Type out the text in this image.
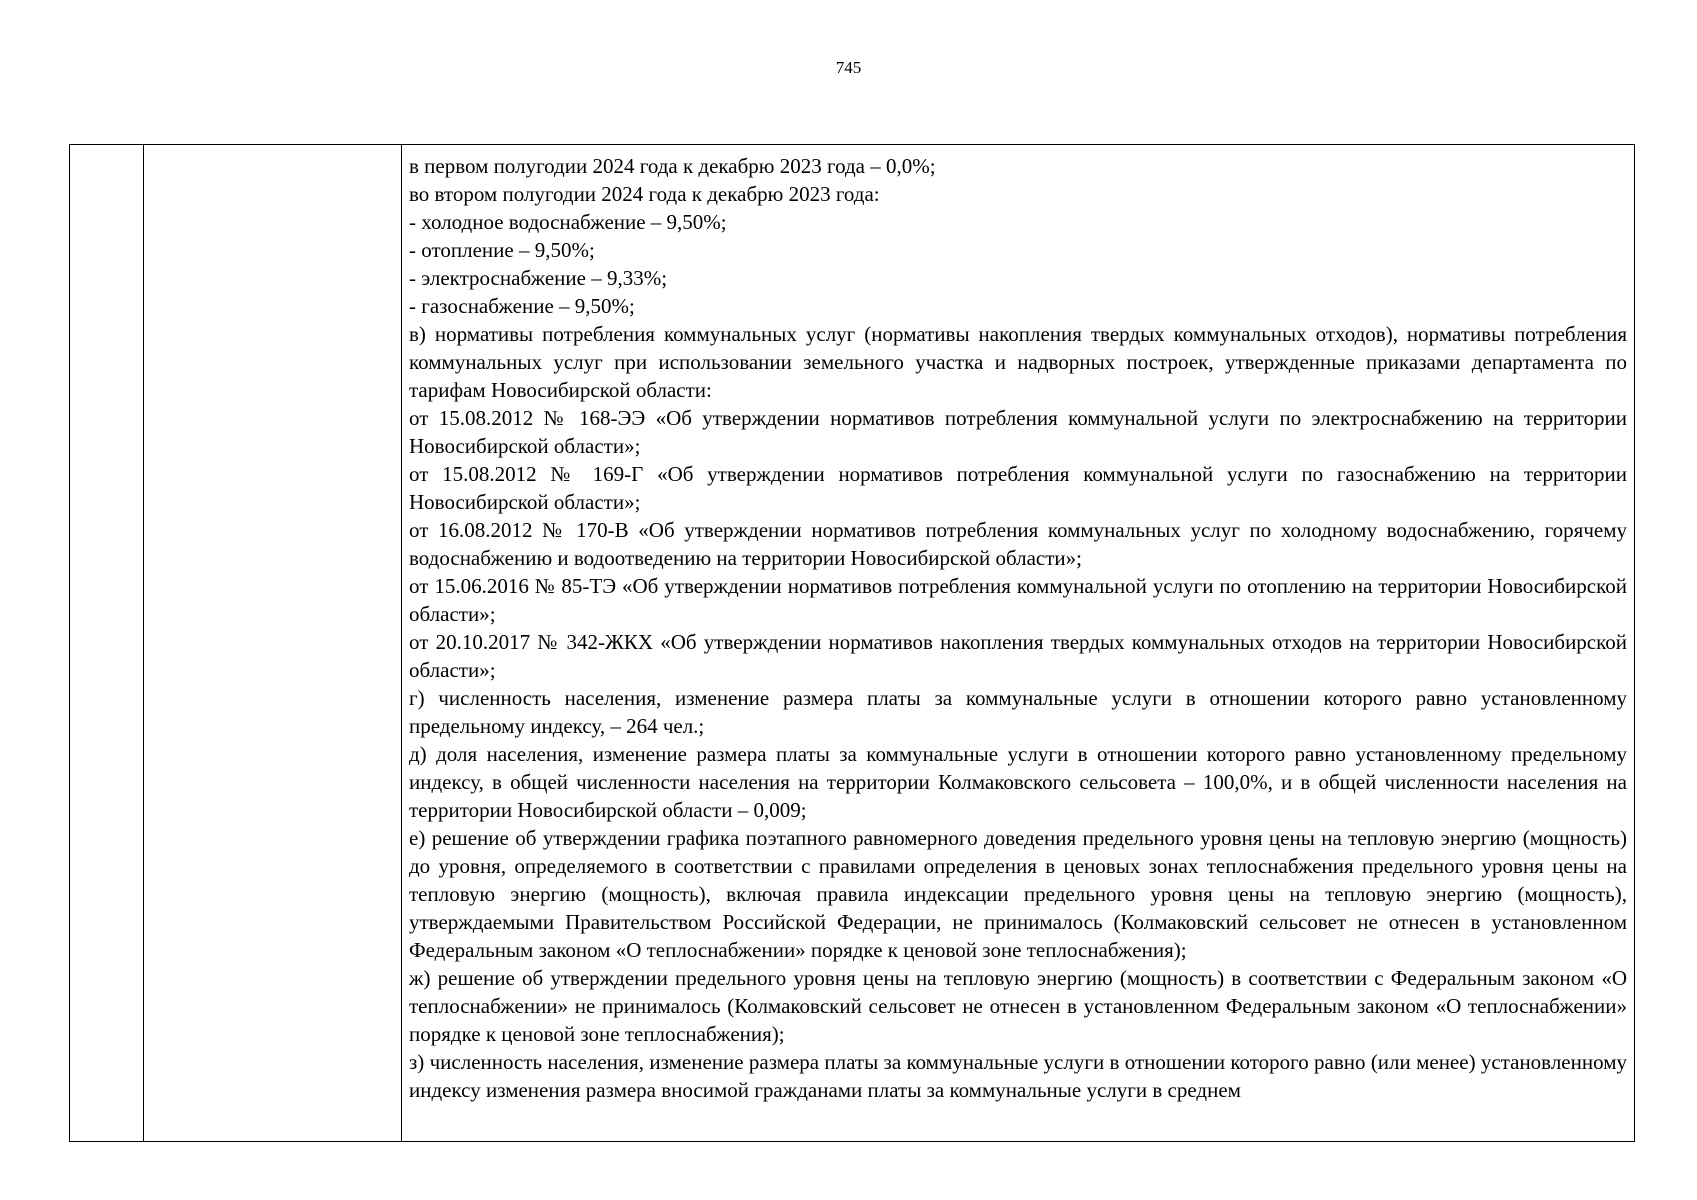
745

в первом полугодии 2024 года к декабрю 2023 года – 0,0%;

во втором полугодии 2024 года к декабрю 2023 года:

- холодное водоснабжение – 9,50%;

- отопление – 9,50%;

- электроснабжение – 9,33%;

- газоснабжение – 9,50%;

в) нормативы потребления коммунальных услуг (нормативы накопления твердых коммунальных отходов), нормативы потребления коммунальных услуг при использовании земельного участка и надворных построек, утвержденные приказами департамента по тарифам Новосибирской области:

от 15.08.2012 № 168-ЭЭ «Об утверждении нормативов потребления коммунальной услуги по электроснабжению на территории Новосибирской области»;

от 15.08.2012 № 169-Г «Об утверждении нормативов потребления коммунальной услуги по газоснабжению на территории Новосибирской области»;

от 16.08.2012 № 170-В «Об утверждении нормативов потребления коммунальных услуг по холодному водоснабжению, горячему водоснабжению и водоотведению на территории Новосибирской области»;

от 15.06.2016 № 85-ТЭ «Об утверждении нормативов потребления коммунальной услуги по отоплению на территории Новосибирской области»;

от 20.10.2017 № 342-ЖКХ «Об утверждении нормативов накопления твердых коммунальных отходов на территории Новосибирской области»;

г) численность населения, изменение размера платы за коммунальные услуги в отношении которого равно установленному предельному индексу, – 264 чел.;

д) доля населения, изменение размера платы за коммунальные услуги в отношении которого равно установленному предельному индексу, в общей численности населения на территории Колмаковского сельсовета – 100,0%, и в общей численности населения на территории Новосибирской области – 0,009;

е) решение об утверждении графика поэтапного равномерного доведения предельного уровня цены на тепловую энергию (мощность) до уровня, определяемого в соответствии с правилами определения в ценовых зонах теплоснабжения предельного уровня цены на тепловую энергию (мощность), включая правила индексации предельного уровня цены на тепловую энергию (мощность), утверждаемыми Правительством Российской Федерации, не принималось (Колмаковский сельсовет не отнесен в установленном Федеральным законом «О теплоснабжении» порядке к ценовой зоне теплоснабжения);

ж) решение об утверждении предельного уровня цены на тепловую энергию (мощность) в соответствии с Федеральным законом «О теплоснабжении» не принималось (Колмаковский сельсовет не отнесен в установленном Федеральным законом «О теплоснабжении» порядке к ценовой зоне теплоснабжения);

з) численность населения, изменение размера платы за коммунальные услуги в отношении которого равно (или менее) установленному индексу изменения размера вносимой гражданами платы за коммунальные услуги в среднем
